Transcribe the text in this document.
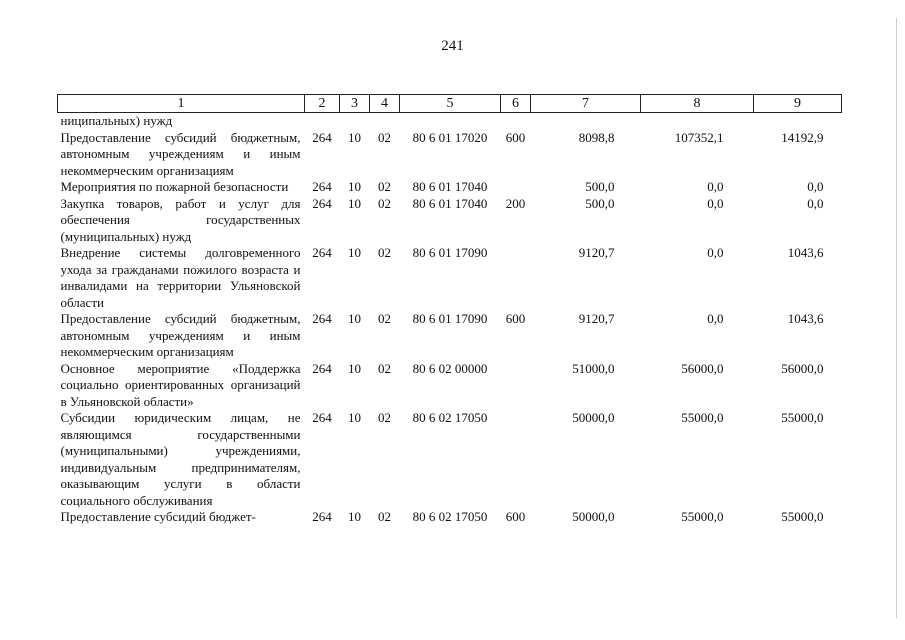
241
1	2	3	4	5	6	7	8	9
ниципальных) нужд								
Предоставление субсидий бюджетным, автономным учреждениям и иным некоммерческим организациям	264	10	02	80 6 01 17020	600	8098,8	107352,1	14192,9
Мероприятия по пожарной безопасности	264	10	02	80 6 01 17040		500,0	0,0	0,0
Закупка товаров, работ и услуг для обеспечения государственных (муниципальных) нужд	264	10	02	80 6 01 17040	200	500,0	0,0	0,0
Внедрение системы долговременного ухода за гражданами пожилого возраста и инвалидами на территории Ульяновской области	264	10	02	80 6 01 17090		9120,7	0,0	1043,6
Предоставление субсидий бюджетным, автономным учреждениям и иным некоммерческим организациям	264	10	02	80 6 01 17090	600	9120,7	0,0	1043,6
Основное мероприятие «Поддержка социально ориентированных организаций в Ульяновской области»	264	10	02	80 6 02 00000		51000,0	56000,0	56000,0
Субсидии юридическим лицам, не являющимся государственными (муниципальными) учреждениями, индивидуальным предпринимателям, оказывающим услуги в области социального обслуживания	264	10	02	80 6 02 17050		50000,0	55000,0	55000,0
Предоставление субсидий бюджет-	264	10	02	80 6 02 17050	600	50000,0	55000,0	55000,0
